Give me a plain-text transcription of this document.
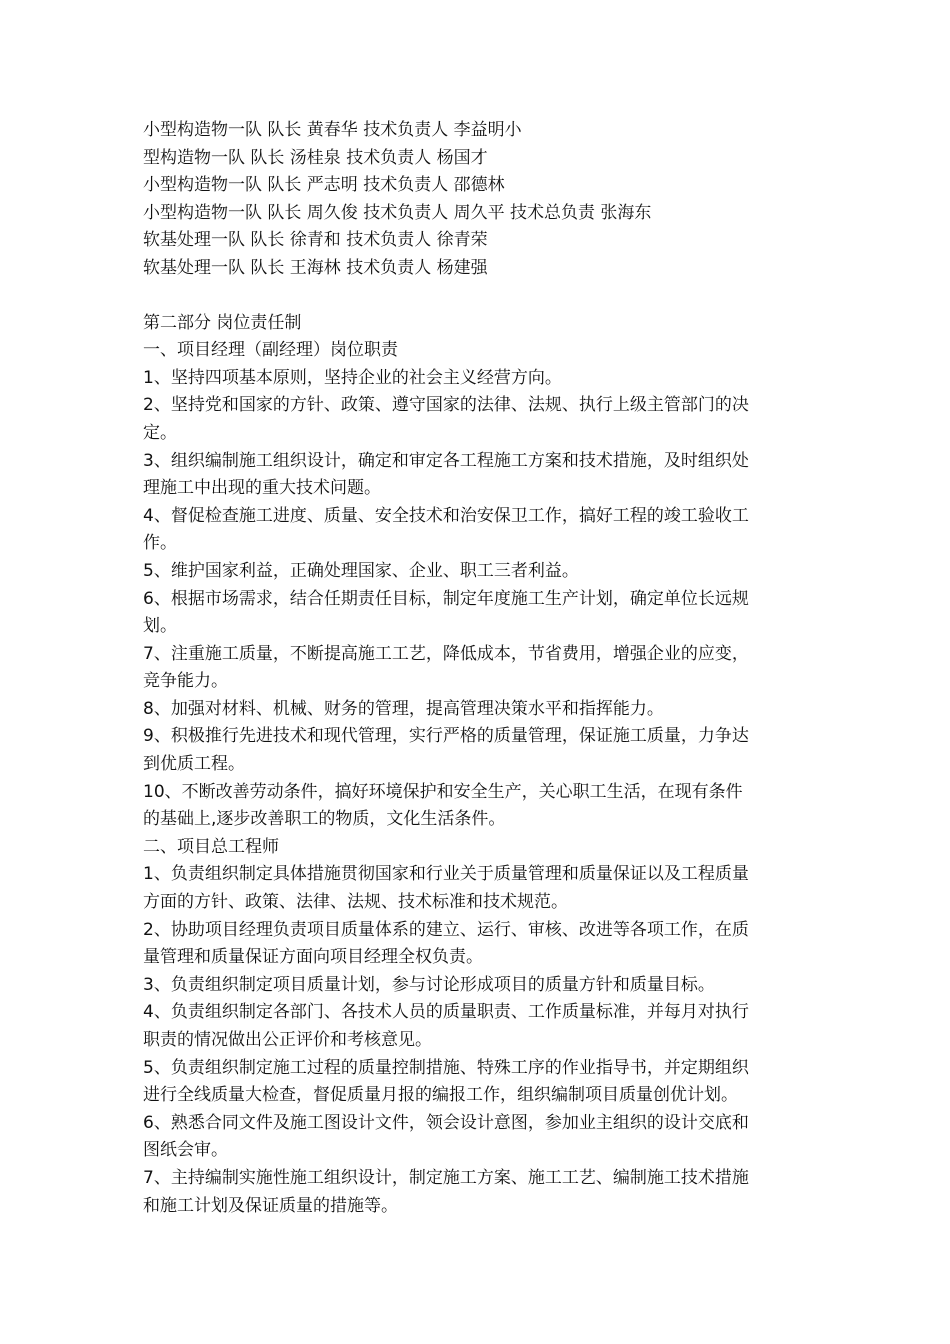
小型构造物一队 队长 黄春华 技术负责人 李益明小

型构造物一队 队长 汤桂泉 技术负责人 杨国才

小型构造物一队 队长 严志明 技术负责人 邵德林

小型构造物一队 队长 周久俊 技术负责人 周久平 技术总负责 张海东

软基处理一队 队长 徐青和 技术负责人 徐青荣

软基处理一队 队长 王海林 技术负责人 杨建强

第二部分 岗位责任制

一、项目经理（副经理）岗位职责

1、坚持四项基本原则，坚持企业的社会主义经营方向。

2、坚持党和国家的方针、政策、遵守国家的法律、法规、执行上级主管部门的决

定。

3、组织编制施工组织设计，确定和审定各工程施工方案和技术措施，及时组织处

理施工中出现的重大技术问题。

4、督促检查施工进度、质量、安全技术和治安保卫工作，搞好工程的竣工验收工

作。

5、维护国家利益，正确处理国家、企业、职工三者利益。

6、根据市场需求，结合任期责任目标，制定年度施工生产计划，确定单位长远规

划。

7、注重施工质量，不断提高施工工艺，降低成本，节省费用，增强企业的应变，

竞争能力。

8、加强对材料、机械、财务的管理，提高管理决策水平和指挥能力。

9、积极推行先进技术和现代管理，实行严格的质量管理，保证施工质量，力争达

到优质工程。

10、不断改善劳动条件，搞好环境保护和安全生产，关心职工生活，在现有条件

的基础上,逐步改善职工的物质，文化生活条件。

二、项目总工程师

1、负责组织制定具体措施贯彻国家和行业关于质量管理和质量保证以及工程质量

方面的方针、政策、法律、法规、技术标准和技术规范。

2、协助项目经理负责项目质量体系的建立、运行、审核、改进等各项工作，在质

量管理和质量保证方面向项目经理全权负责。

3、负责组织制定项目质量计划，参与讨论形成项目的质量方针和质量目标。

4、负责组织制定各部门、各技术人员的质量职责、工作质量标准，并每月对执行

职责的情况做出公正评价和考核意见。

5、负责组织制定施工过程的质量控制措施、特殊工序的作业指导书，并定期组织

进行全线质量大检查，督促质量月报的编报工作，组织编制项目质量创优计划。

6、熟悉合同文件及施工图设计文件，领会设计意图，参加业主组织的设计交底和

图纸会审。

7、主持编制实施性施工组织设计，制定施工方案、施工工艺、编制施工技术措施

和施工计划及保证质量的措施等。
